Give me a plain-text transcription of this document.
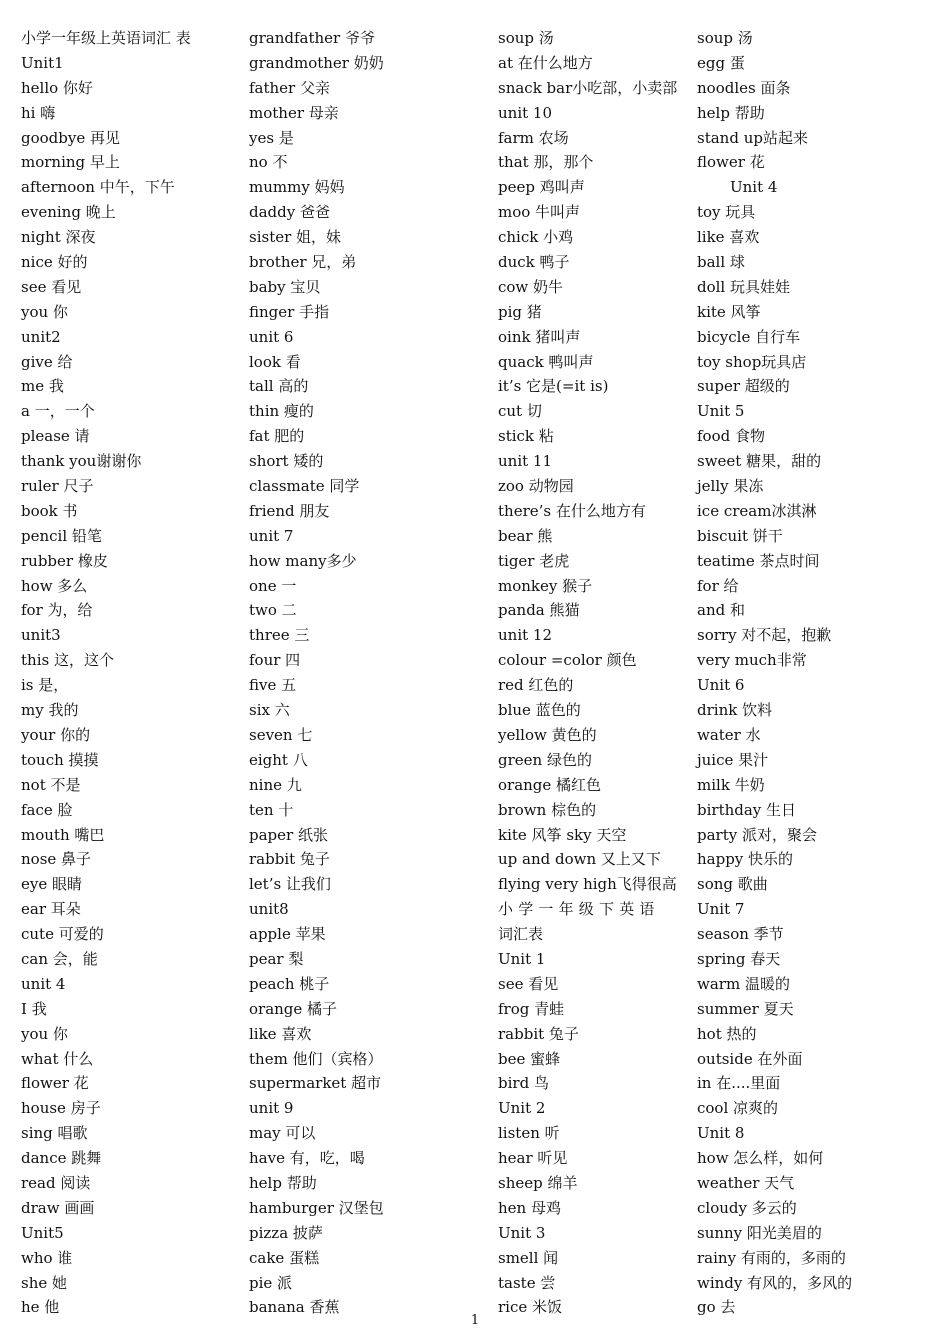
小学一年级上英语词汇 表
Unit1
hello 你好
hi 嗨
goodbye 再见
morning 早上
afternoon 中午，下午
evening 晚上
night 深夜
nice 好的
see 看见
you 你
unit2
give 给
me 我
a 一，一个
please 请
thank you谢谢你
ruler 尺子
book 书
pencil 铅笔
rubber 橡皮
how 多么
for 为，给
unit3
this 这，这个
is 是，
my 我的
your 你的
touch 摸摸
not 不是
face 脸
mouth 嘴巴
nose 鼻子
eye 眼睛
ear 耳朵
cute 可爱的
can 会，能
unit 4
I 我
you 你
what 什么
flower 花
house 房子
sing 唱歌
dance 跳舞
read 阅读
draw 画画
Unit5
who 谁
she 她
he 他
grandfather 爷爷
grandmother 奶奶
father 父亲
mother 母亲
yes 是
no 不
mummy 妈妈
daddy 爸爸
sister 姐，妹
brother 兄，弟
baby 宝贝
finger 手指
unit 6
look 看
tall 高的
thin 瘦的
fat 肥的
short 矮的
classmate 同学
friend 朋友
unit 7
how many多少
one 一
two 二
three 三
four 四
five 五
six 六
seven 七
eight 八
nine 九
ten 十
paper 纸张
rabbit 兔子
let’s 让我们
unit8
apple 苹果
pear 梨
peach 桃子
orange 橘子
like 喜欢
them 他们（宾格）
supermarket 超市
unit 9
may 可以
have 有，吃，喝
help 帮助
hamburger 汉堡包
pizza 披萨
cake 蛋糕
pie 派
banana 香蕉
soup 汤
at 在什么地方
snack bar小吃部，小卖部
unit 10
farm 农场
that 那，那个
peep 鸡叫声
moo 牛叫声
chick 小鸡
duck 鸭子
cow 奶牛
pig 猪
oink 猪叫声
quack 鸭叫声
it’s 它是(=it is)
cut 切
stick 粘
unit 11
zoo 动物园
there’s 在什么地方有
bear 熊
tiger 老虎
monkey 猴子
panda 熊猫
unit 12
colour =color 颜色
red 红色的
blue 蓝色的
yellow 黄色的
green 绿色的
orange 橘红色
brown 棕色的
kite 风筝 sky 天空
up and down 又上又下
flying very high飞得很高
小学一年级下英语
词汇表
Unit 1
see 看见
frog 青蛙
rabbit 兔子
bee 蜜蜂
bird 鸟
Unit 2
listen 听
hear 听见
sheep 绵羊
hen 母鸡
Unit 3
smell 闻
taste 尝
rice 米饭
soup 汤
egg 蛋
noodles 面条
help 帮助
stand up站起来
flower 花
Unit 4
toy 玩具
like 喜欢
ball 球
doll 玩具娃娃
kite 风筝
bicycle 自行车
toy shop玩具店
super 超级的
Unit 5
food 食物
sweet 糖果，甜的
jelly 果冻
ice cream冰淇淋
biscuit 饼干
teatime 茶点时间
for 给
and 和
sorry 对不起，抱歉
very much非常
Unit 6
drink 饮料
water 水
juice 果汁
milk 牛奶
birthday 生日
party 派对，聚会
happy 快乐的
song 歌曲
Unit 7
season 季节
spring 春天
warm 温暖的
summer 夏天
hot 热的
outside 在外面
in 在....里面
cool 凉爽的
Unit 8
how 怎么样，如何
weather 天气
cloudy 多云的
sunny 阳光美眉的
rainy 有雨的，多雨的
windy 有风的，多风的
go 去
1
